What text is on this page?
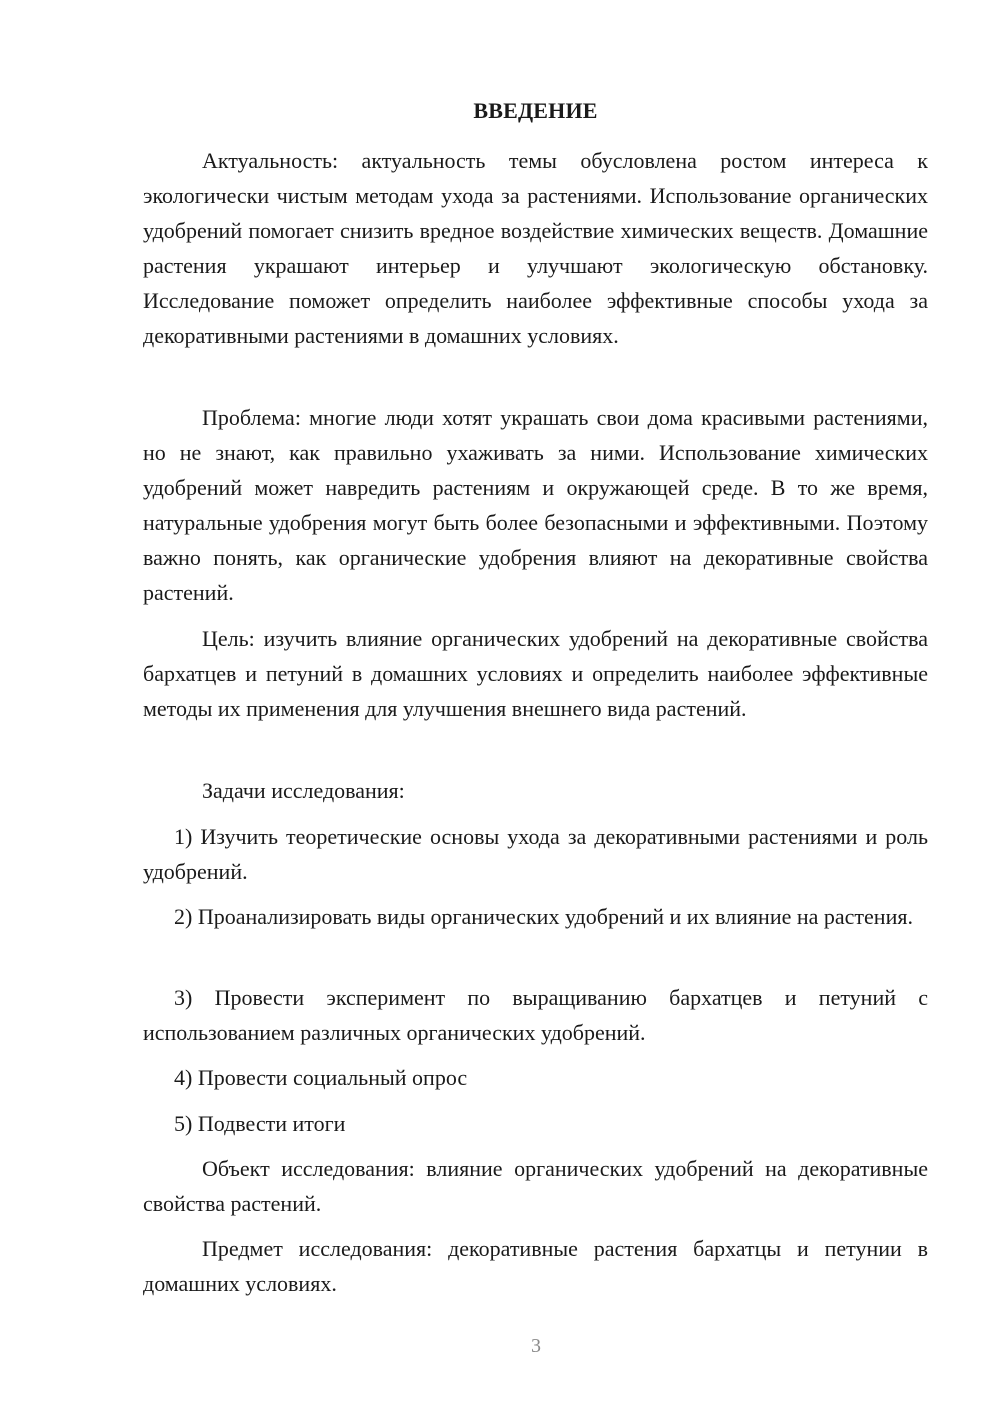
ВВЕДЕНИЕ

Актуальность: актуальность темы обусловлена ростом интереса к экологически чистым методам ухода за растениями. Использование органических удобрений помогает снизить вредное воздействие химических веществ. Домашние растения украшают интерьер и улучшают экологическую обстановку. Исследование поможет определить наиболее эффективные способы ухода за декоративными растениями в домашних условиях.

Проблема: многие люди хотят украшать свои дома красивыми растениями, но не знают, как правильно ухаживать за ними. Использование химических удобрений может навредить растениям и окружающей среде. В то же время, натуральные удобрения могут быть более безопасными и эффективными. Поэтому важно понять, как органические удобрения влияют на декоративные свойства растений.

Цель: изучить влияние органических удобрений на декоративные свойства бархатцев и петуний в домашних условиях и определить наиболее эффективные методы их применения для улучшения внешнего вида растений.

Задачи исследования:

1) Изучить теоретические основы ухода за декоративными растениями и роль удобрений.

2) Проанализировать виды органических удобрений и их влияние на растения.

3) Провести эксперимент по выращиванию бархатцев и петуний с использованием различных органических удобрений.

4) Провести социальный опрос

5) Подвести итоги

Объект исследования: влияние органических удобрений на декоративные свойства растений.

Предмет исследования: декоративные растения бархатцы и петунии в домашних условиях.

3
